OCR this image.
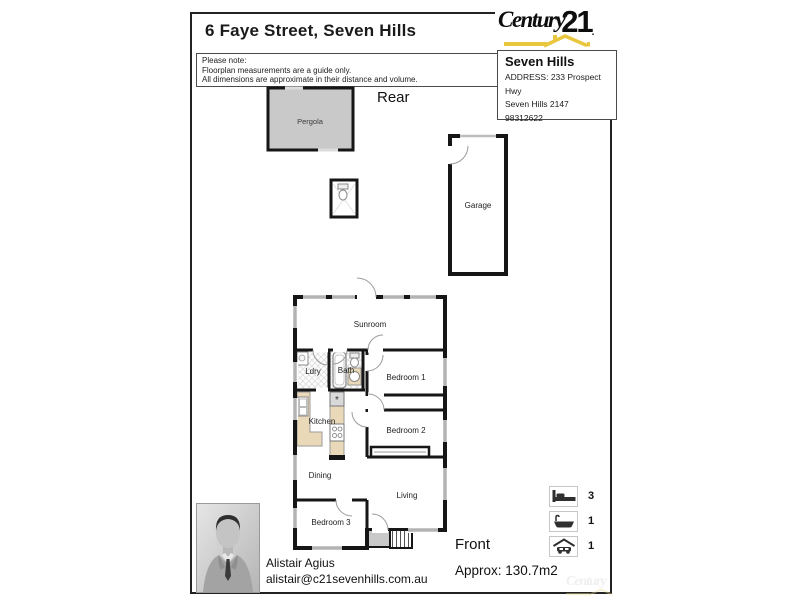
6 Faye Street, Seven Hills	$Century21_.$
Please note:
Floorplan measurements are a guide only.
All dimensions are approximate in their distance and volume.
Seven Hills
ADDRESS: 233 Prospect Hwy
Seven Hills 2147
98312622
Rear
Front
Approx: 130.7m2
Pergola
Garage
*
Sunroom
Ldry Bath
Bedroom 1
Kitchen
Bedroom 2
Dining
Living
Bedroom 3
3
1
1
Alistair Agius
alistair@c21sevenhills.com.au	Century
